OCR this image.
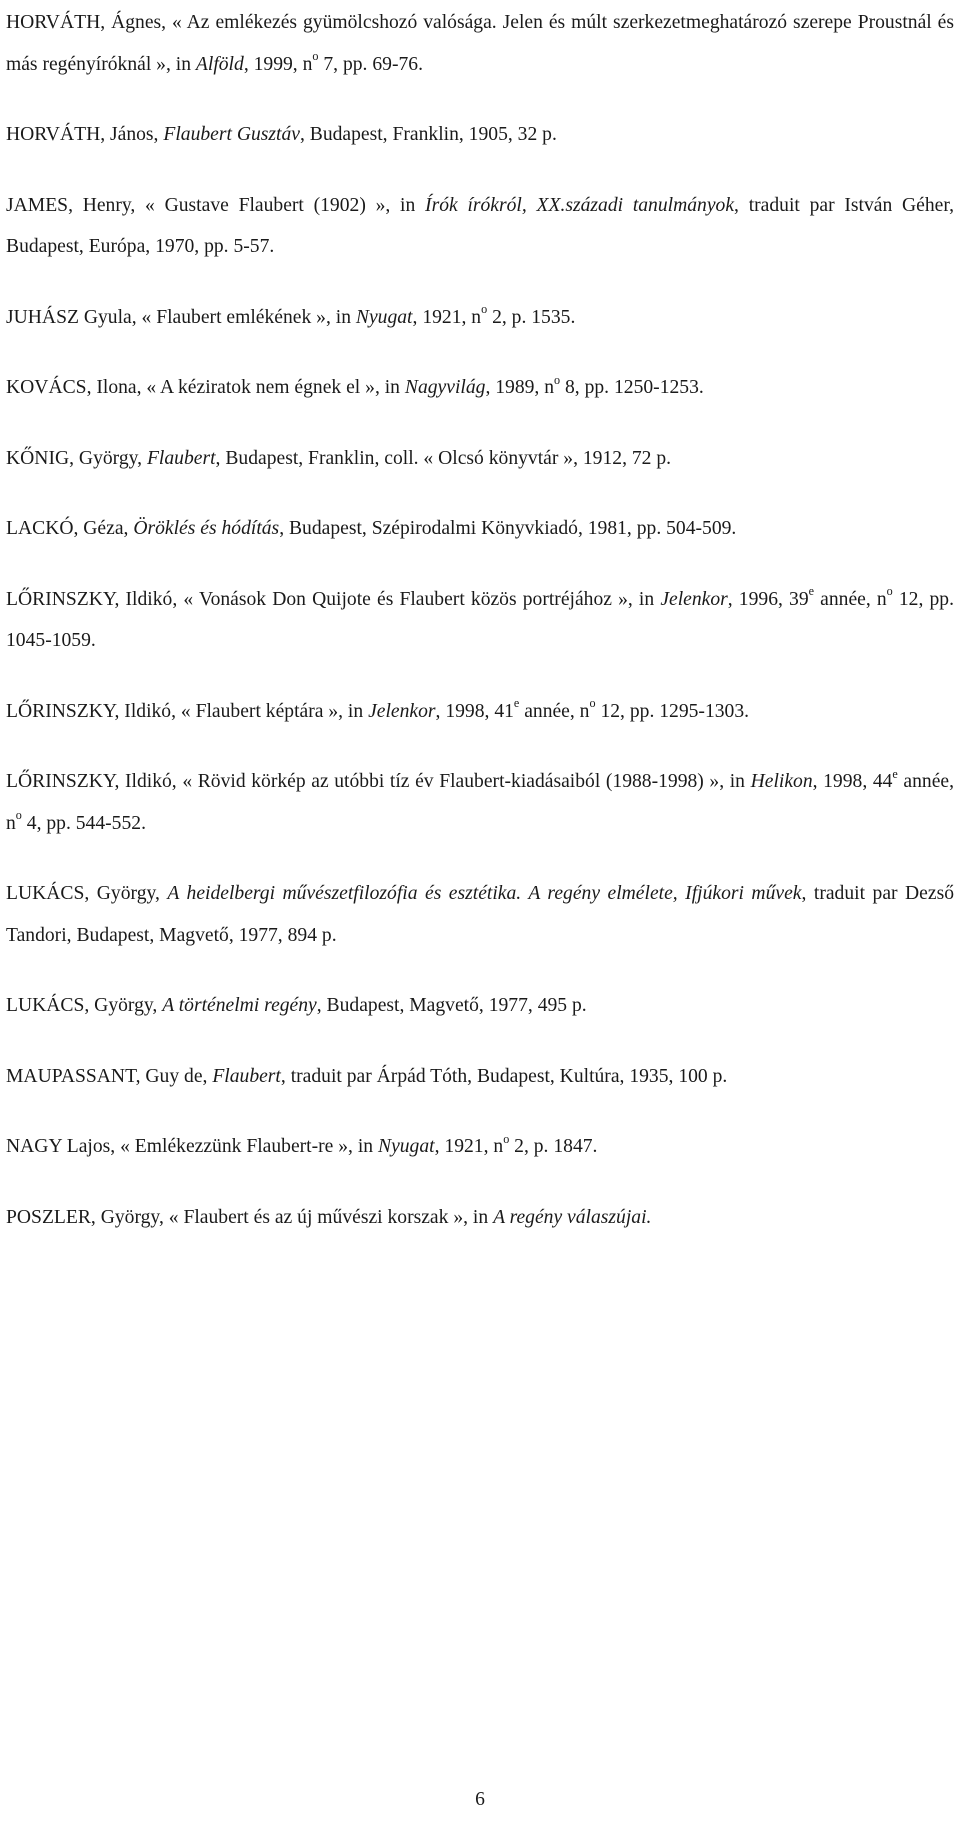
HORVÁTH, Ágnes, « Az emlékezés gyümölcshozó valósága. Jelen és múlt szerkezetmeghatározó szerepe Proustnál és más regényíróknál », in Alföld, 1999, $n^o$ 7, pp. 69-76.
HORVÁTH, János, Flaubert Gusztáv, Budapest, Franklin, 1905, 32 p.
JAMES, Henry, « Gustave Flaubert (1902) », in Írók írókról, XX.századi tanulmányok, traduit par István Géher, Budapest, Európa, 1970, pp. 5-57.
JUHÁSZ Gyula, « Flaubert emlékének », in Nyugat, 1921, $n^o$ 2, p. 1535.
KOVÁCS, Ilona, « A kéziratok nem égnek el », in Nagyvilág, 1989, $n^o$ 8, pp. 1250-1253.
KŐNIG, György, Flaubert, Budapest, Franklin, coll. « Olcsó könyvtár », 1912, 72 p.
LACKÓ, Géza, Öröklés és hódítás, Budapest, Szépirodalmi Könyvkiadó, 1981, pp. 504-509.
LŐRINSZKY, Ildikó, « Vonások Don Quijote és Flaubert közös portréjához », in Jelenkor, 1996, 39e année, $n^o$ 12, pp. 1045-1059.
LŐRINSZKY, Ildikó, « Flaubert képtára », in Jelenkor, 1998, 41e année, $n^o$ 12, pp. 1295-1303.
LŐRINSZKY, Ildikó, « Rövid körkép az utóbbi tíz év Flaubert-kiadásaiból (1988-1998) », in Helikon, 1998, 44e année, $n^o$ 4, pp. 544-552.
LUKÁCS, György, A heidelbergi művészetfilozófia és esztétika. A regény elmélete, Ifjúkori művek, traduit par Dezső Tandori, Budapest, Magvető, 1977, 894 p.
LUKÁCS, György, A történelmi regény, Budapest, Magvető, 1977, 495 p.
MAUPASSANT, Guy de, Flaubert, traduit par Árpád Tóth, Budapest, Kultúra, 1935, 100 p.
NAGY Lajos, « Emlékezzünk Flaubert-re », in Nyugat, 1921, $n^o$ 2, p. 1847.
POSZLER, György, « Flaubert és az új művészi korszak », in A regény válaszújai.
6
